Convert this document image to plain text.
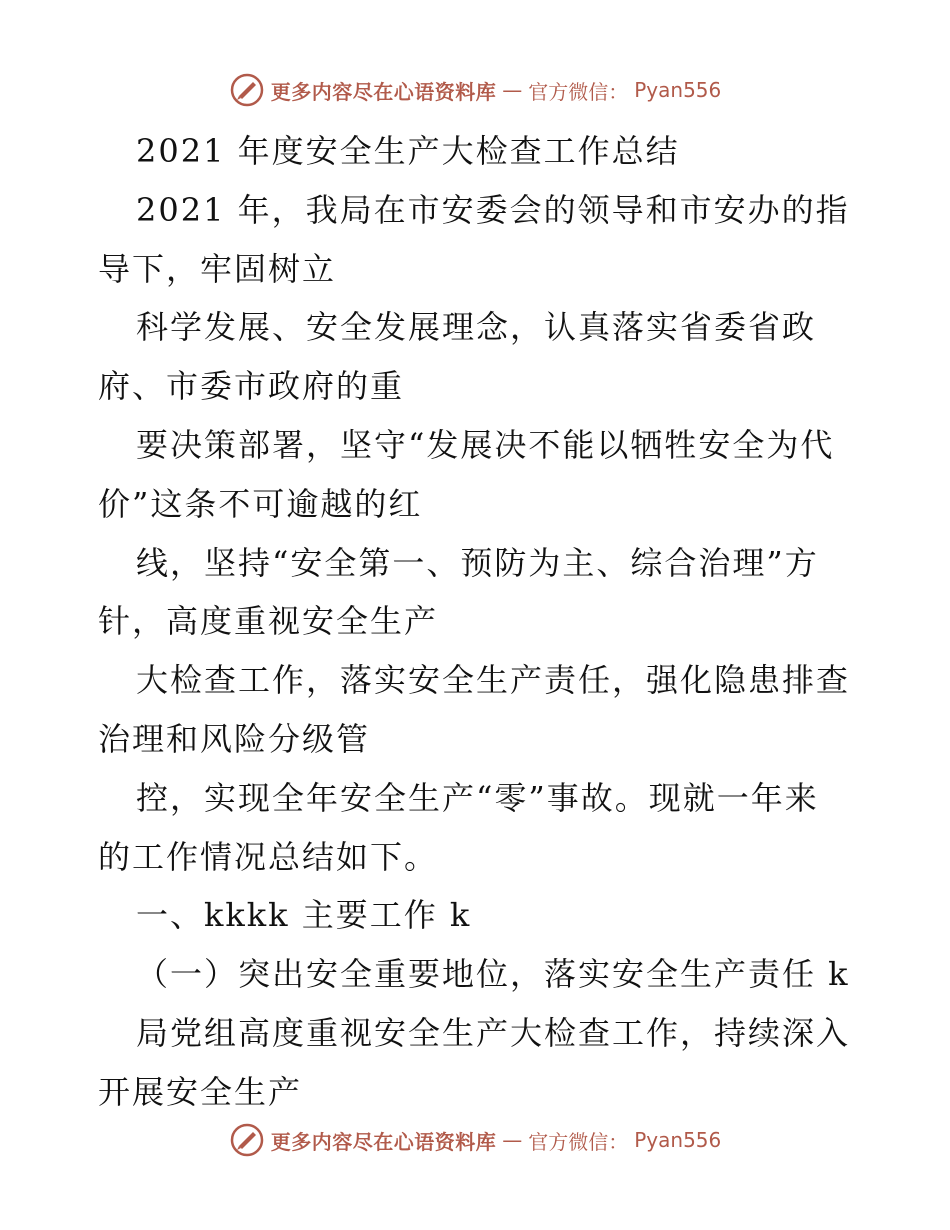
更多内容尽在心语资料库 — 官方微信： Pyan556
2021 年度安全生产大检查工作总结
2021 年，我局在市安委会的领导和市安办的指
导下，牢固树立
科学发展、安全发展理念，认真落实省委省政
府、市委市政府的重
要决策部署，坚守“发展决不能以牺牲安全为代
价”这条不可逾越的红
线，坚持“安全第一、预防为主、综合治理”方
针，高度重视安全生产
大检查工作，落实安全生产责任，强化隐患排查
治理和风险分级管
控，实现全年安全生产“零”事故。现就一年来
的工作情况总结如下。
一、kkkk 主要工作 k
（一）突出安全重要地位，落实安全生产责任 k
局党组高度重视安全生产大检查工作，持续深入
开展安全生产
更多内容尽在心语资料库 — 官方微信： Pyan556
